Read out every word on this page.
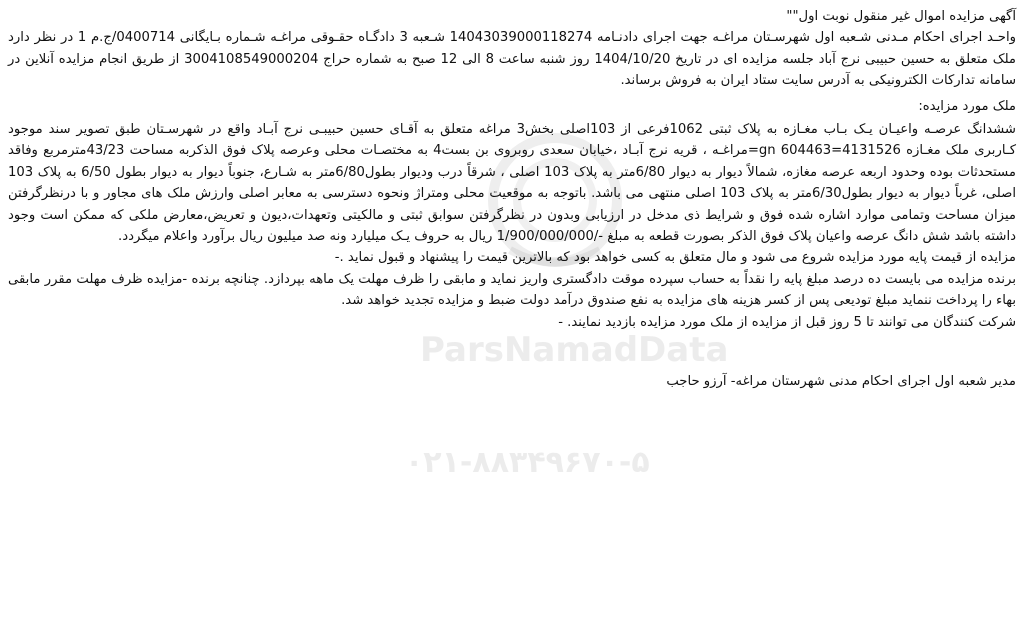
ParsNamadData
۰۲۱-۸۸۳۴۹۶۷۰-۵

آگهی مزایده اموال غیر منقول نوبت اول""

واحـد اجرای احکام مـدنی شـعبه اول شهرسـتان مراغـه جهت اجرای دادنـامه 14043039000118274 شـعبه 3 دادگـاه حقـوقی مراغـه شـماره بـایگانی 0400714/ج.م 1 در نظر دارد ملک متعلق به حسین حبیبی نرج آباد جلسه مزایده ای در تاریخ 1404/10/20 روز شنبه ساعت 8 الی 12 صبح به شماره حراج 3004108549000204 از طریق انجام مزایده آنلاین در سامانه تدارکات الکترونیکی به آدرس سایت ستاد ایران به فروش برساند.

ملک مورد مزایده:

ششدانگ عرصـه واعیـان یـک بـاب مغـازه به پلاک ثبتی 1062فرعی از 103اصلی بخش3 مراغه متعلق به آقـای حسین حبیبـی نرج آبـاد واقع در شهرسـتان طبق تصویر سند موجود کـاربری ملک مغـازه 4131526=gn 604463=مراغـه ، قریه نرج آبـاد ،خیابان سعدی روبروی بن بست4 به مختصـات محلی وعرصه پلاک فوق الذکربه مساحت 43/23مترمربع وفاقد مستحدثات بوده وحدود اربعه عرصه مغازه، شمالاً دیوار به دیوار 6/80متر به پلاک 103 اصلی ، شرقاً درب ودیوار بطول6/80متر به شـارع، جنوباً دیوار به دیوار بطول 6/50 به پلاک 103 اصلی، غرباً دیوار به دیوار بطول6/30متر به پلاک 103 اصلی منتهی می باشد. باتوجه به موقعیت محلی ومتراژ ونحوه دسترسی به معابر اصلی وارزش ملک های مجاور و با درنظرگرفتن میزان مساحت وتمامی موارد اشاره شده فوق و شرایط ذی مدخل در ارزیابی وبدون در نظرگرفتن سوابق ثبتی و مالکیتی وتعهدات،دیون و تعریض،معارض ملکی که ممکن است وجود داشته باشد شش دانگ عرصه واعیان پلاک فوق الذکر بصورت قطعه به مبلغ -/1/900/000/000 ریال به حروف یـک میلیارد ونه صد میلیون ریال برآورد واعلام میگردد.

مزایده از قیمت پایه مورد مزایده شروع می شود و مال متعلق به کسی خواهد بود که بالاترین قیمت را پیشنهاد و قبول نماید .-

برنده مزایده می بایست ده درصد مبلغ پایه را نقداً به حساب سپرده موقت دادگستری واریز نماید و مابقی را ظرف مهلت یک ماهه بپردازد. چنانچه برنده -مزایده ظرف مهلت مقرر مابقی بهاء را پرداخت ننماید مبلغ تودیعی پس از کسر هزینه های مزایده به نفع صندوق درآمد دولت ضبط و مزایده تجدید خواهد شد.

شرکت کنندگان می توانند تا 5 روز قبل از مزایده از ملک مورد مزایده بازدید نمایند. -

مدیر شعبه اول اجرای احکام مدنی شهرستان مراغه- آرزو حاجب
